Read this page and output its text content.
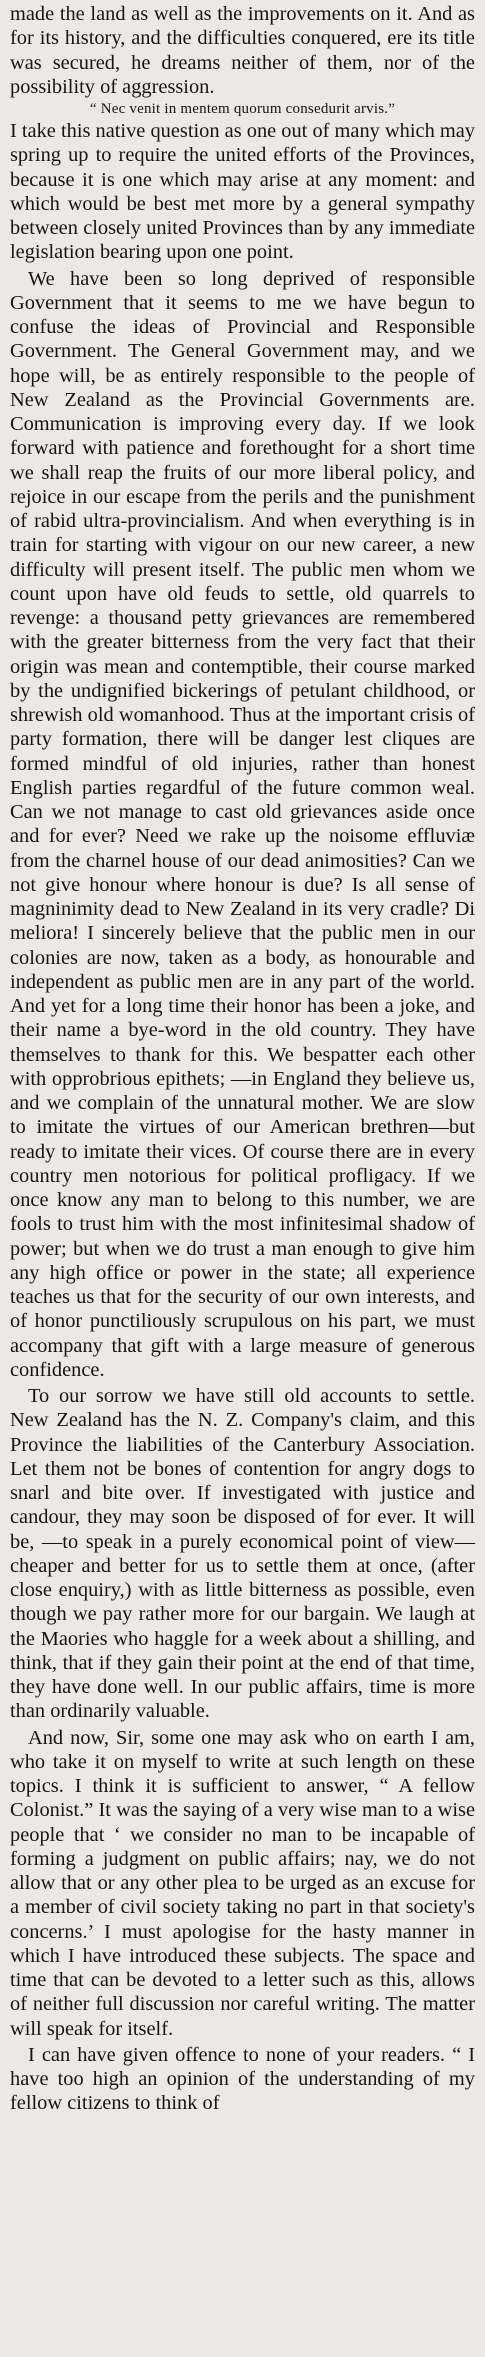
made the land as well as the improvements on it. And as for its history, and the difficulties conquered, ere its title was secured, he dreams neither of them, nor of the possibility of aggression.

“ Nec venit in mentem quorum consedurit arvis.”

I take this native question as one out of many which may spring up to require the united efforts of the Provinces, because it is one which may arise at any moment: and which would be best met more by a general sympathy between closely united Provinces than by any immediate legislation bearing upon one point.

We have been so long deprived of responsible Government that it seems to me we have begun to confuse the ideas of Provincial and Responsible Government. The General Government may, and we hope will, be as entirely responsible to the people of New Zealand as the Provincial Governments are. Communication is improving every day. If we look forward with patience and forethought for a short time we shall reap the fruits of our more liberal policy, and rejoice in our escape from the perils and the punishment of rabid ultra-provincialism. And when everything is in train for starting with vigour on our new career, a new difficulty will present itself. The public men whom we count upon have old feuds to settle, old quarrels to revenge: a thousand petty grievances are remembered with the greater bitterness from the very fact that their origin was mean and contemptible, their course marked by the undignified bickerings of petulant childhood, or shrewish old womanhood. Thus at the important crisis of party formation, there will be danger lest cliques are formed mindful of old injuries, rather than honest English parties regardful of the future common weal. Can we not manage to cast old grievances aside once and for ever? Need we rake up the noisome effluviæ from the charnel house of our dead animosities? Can we not give honour where honour is due? Is all sense of magninimity dead to New Zealand in its very cradle? Di meliora! I sincerely believe that the public men in our colonies are now, taken as a body, as honourable and independent as public men are in any part of the world. And yet for a long time their honor has been a joke, and their name a bye-word in the old country. They have themselves to thank for this. We bespatter each other with opprobrious epithets; —in England they believe us, and we complain of the unnatural mother. We are slow to imitate the virtues of our American brethren—but ready to imitate their vices. Of course there are in every country men notorious for political profligacy. If we once know any man to belong to this number, we are fools to trust him with the most infinitesimal shadow of power; but when we do trust a man enough to give him any high office or power in the state; all experience teaches us that for the security of our own interests, and of honor punctiliously scrupulous on his part, we must accompany that gift with a large measure of generous confidence.

To our sorrow we have still old accounts to settle. New Zealand has the N. Z. Company's claim, and this Province the liabilities of the Canterbury Association. Let them not be bones of contention for angry dogs to snarl and bite over. If investigated with justice and candour, they may soon be disposed of for ever. It will be, —to speak in a purely economical point of view—cheaper and better for us to settle them at once, (after close enquiry,) with as little bitterness as possible, even though we pay rather more for our bargain. We laugh at the Maories who haggle for a week about a shilling, and think, that if they gain their point at the end of that time, they have done well. In our public affairs, time is more than ordinarily valuable.

And now, Sir, some one may ask who on earth I am, who take it on myself to write at such length on these topics. I think it is sufficient to answer, “ A fellow Colonist.” It was the saying of a very wise man to a wise people that ‘ we consider no man to be incapable of forming a judgment on public affairs; nay, we do not allow that or any other plea to be urged as an excuse for a member of civil society taking no part in that society's concerns.’ I must apologise for the hasty manner in which I have introduced these subjects. The space and time that can be devoted to a letter such as this, allows of neither full discussion nor careful writing. The matter will speak for itself.

I can have given offence to none of your readers. “ I have too high an opinion of the understanding of my fellow citizens to think of
